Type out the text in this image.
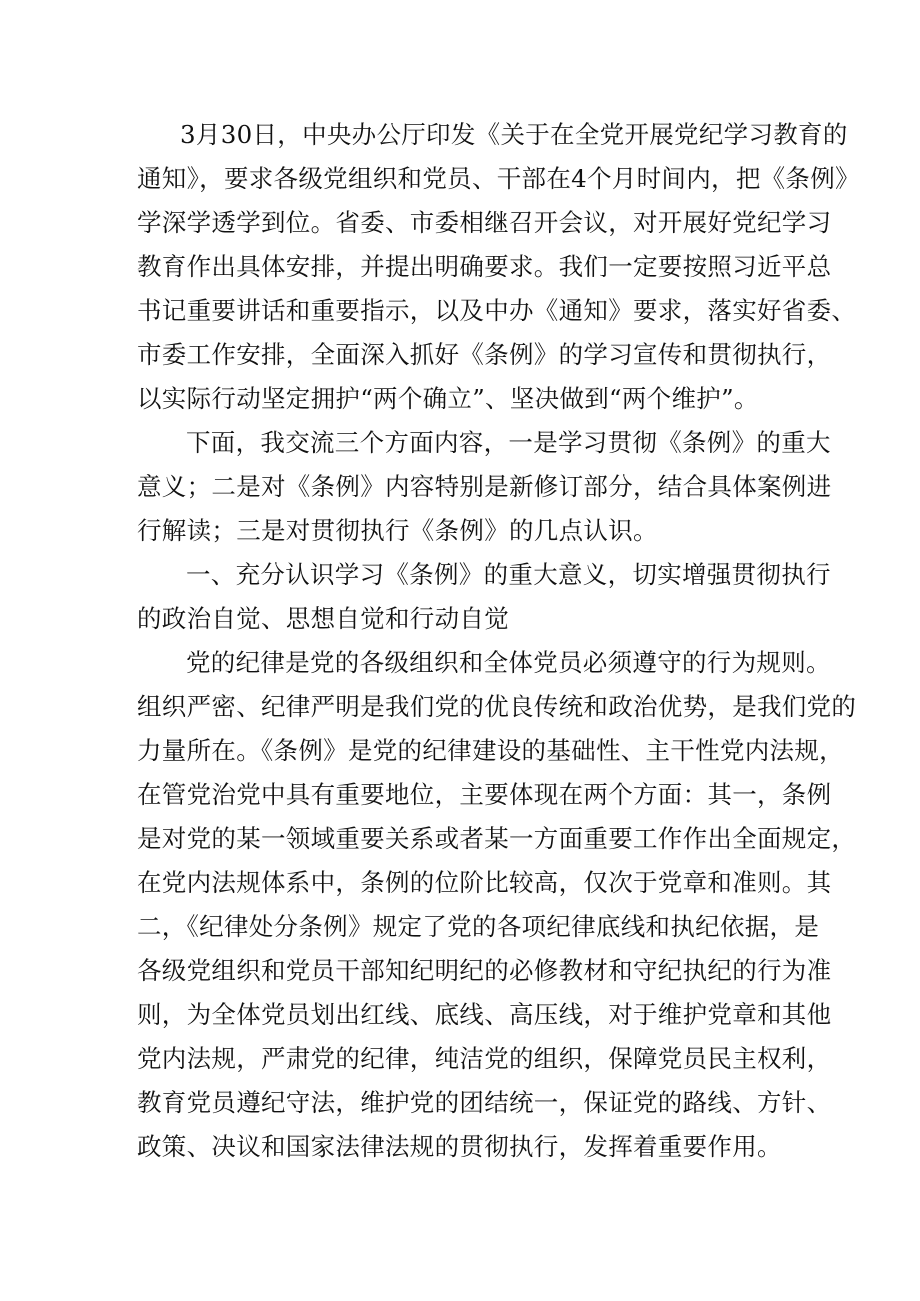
3月30日，中央办公厅印发《关于在全党开展党纪学习教育的
通知》，要求各级党组织和党员、干部在4个月时间内，把《条例》
学深学透学到位。省委、市委相继召开会议，对开展好党纪学习
教育作出具体安排，并提出明确要求。我们一定要按照习近平总
书记重要讲话和重要指示，以及中办《通知》要求，落实好省委、
市委工作安排，全面深入抓好《条例》的学习宣传和贯彻执行，
以实际行动坚定拥护“两个确立”、坚决做到“两个维护”。
下面，我交流三个方面内容，一是学习贯彻《条例》的重大
意义；二是对《条例》内容特别是新修订部分，结合具体案例进
行解读；三是对贯彻执行《条例》的几点认识。
一、充分认识学习《条例》的重大意义，切实增强贯彻执行
的政治自觉、思想自觉和行动自觉
党的纪律是党的各级组织和全体党员必须遵守的行为规则。
组织严密、纪律严明是我们党的优良传统和政治优势，是我们党的
力量所在。《条例》是党的纪律建设的基础性、主干性党内法规，
在管党治党中具有重要地位，主要体现在两个方面：其一，条例
是对党的某一领域重要关系或者某一方面重要工作作出全面规定，
在党内法规体系中，条例的位阶比较高，仅次于党章和准则。其
二，《纪律处分条例》规定了党的各项纪律底线和执纪依据，是
各级党组织和党员干部知纪明纪的必修教材和守纪执纪的行为准
则，为全体党员划出红线、底线、高压线，对于维护党章和其他
党内法规，严肃党的纪律，纯洁党的组织，保障党员民主权利，
教育党员遵纪守法，维护党的团结统一，保证党的路线、方针、
政策、决议和国家法律法规的贯彻执行，发挥着重要作用。
